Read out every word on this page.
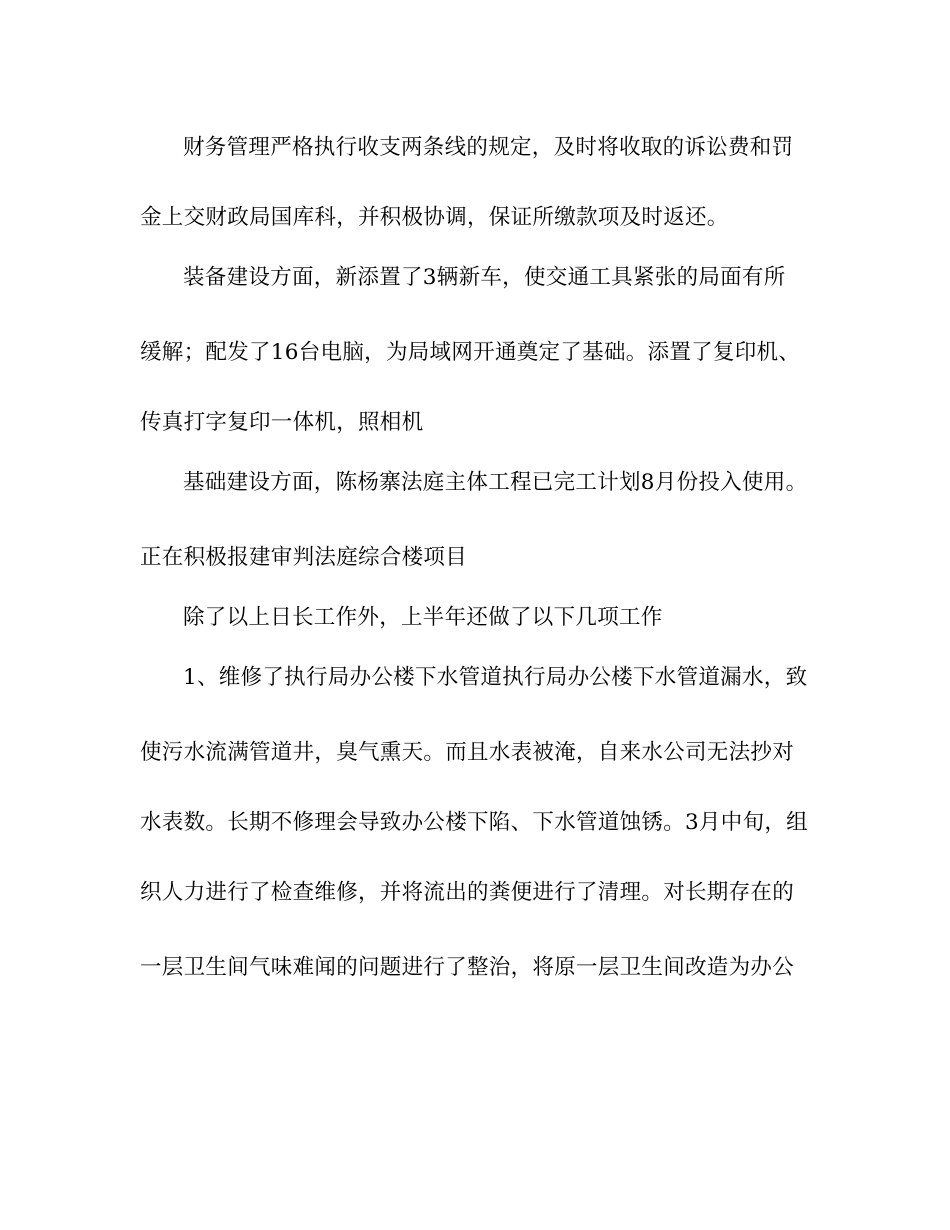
财务管理严格执行收支两条线的规定，及时将收取的诉讼费和罚
金上交财政局国库科，并积极协调，保证所缴款项及时返还。
装备建设方面，新添置了3辆新车，使交通工具紧张的局面有所
缓解；配发了16台电脑，为局域网开通奠定了基础。添置了复印机、
传真打字复印一体机，照相机
基础建设方面，陈杨寨法庭主体工程已完工计划8月份投入使用。
正在积极报建审判法庭综合楼项目
除了以上日长工作外，上半年还做了以下几项工作
1、维修了执行局办公楼下水管道执行局办公楼下水管道漏水，致
使污水流满管道井，臭气熏天。而且水表被淹，自来水公司无法抄对
水表数。长期不修理会导致办公楼下陷、下水管道蚀锈。3月中旬，组
织人力进行了检查维修，并将流出的粪便进行了清理。对长期存在的
一层卫生间气味难闻的问题进行了整治，将原一层卫生间改造为办公
